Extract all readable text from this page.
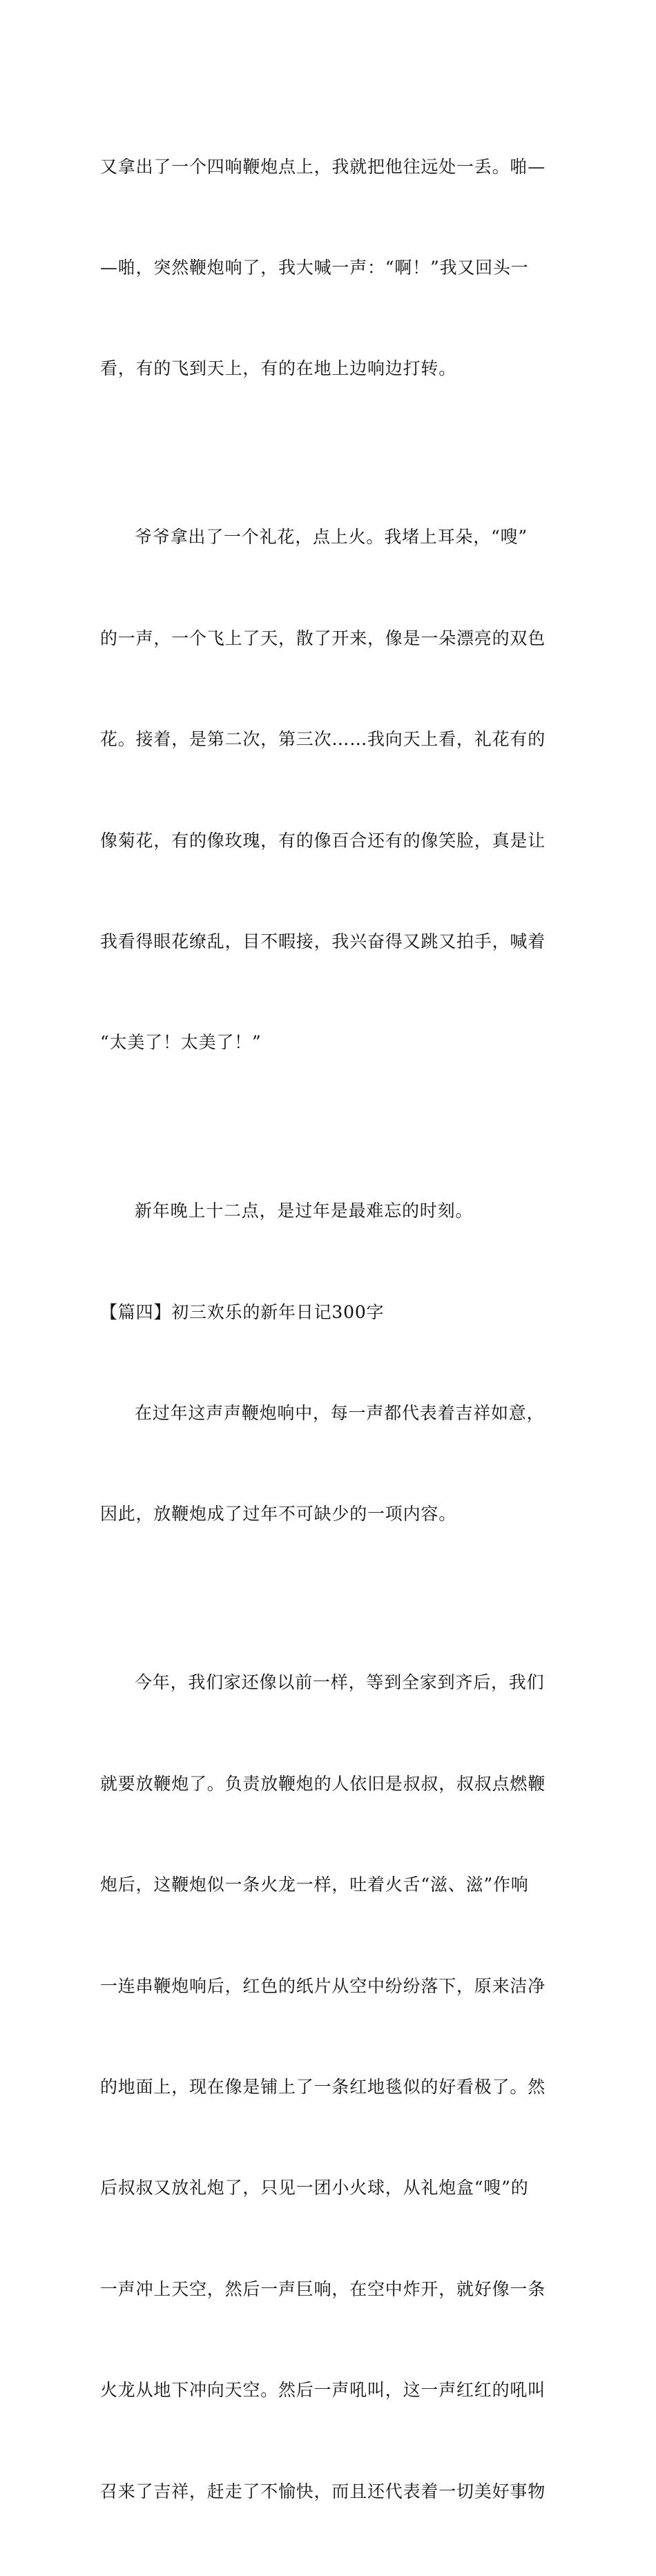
又拿出了一个四响鞭炮点上，我就把他往远处一丢。啪—

—啪，突然鞭炮响了，我大喊一声：“啊！”我又回头一

看，有的飞到天上，有的在地上边响边打转。

爷爷拿出了一个礼花，点上火。我堵上耳朵，“嗖”

的一声，一个飞上了天，散了开来，像是一朵漂亮的双色

花。接着，是第二次，第三次……我向天上看，礼花有的

像菊花，有的像玫瑰，有的像百合还有的像笑脸，真是让

我看得眼花缭乱，目不暇接，我兴奋得又跳又拍手，喊着

“太美了！太美了！”

新年晚上十二点，是过年是最难忘的时刻。

【篇四】初三欢乐的新年日记300字

在过年这声声鞭炮响中，每一声都代表着吉祥如意，

因此，放鞭炮成了过年不可缺少的一项内容。

今年，我们家还像以前一样，等到全家到齐后，我们

就要放鞭炮了。负责放鞭炮的人依旧是叔叔，叔叔点燃鞭

炮后，这鞭炮似一条火龙一样，吐着火舌“滋、滋”作响

一连串鞭炮响后，红色的纸片从空中纷纷落下，原来洁净

的地面上，现在像是铺上了一条红地毯似的好看极了。然

后叔叔又放礼炮了，只见一团小火球，从礼炮盒“嗖”的

一声冲上天空，然后一声巨响，在空中炸开，就好像一条

火龙从地下冲向天空。然后一声吼叫，这一声红红的吼叫

召来了吉祥，赶走了不愉快，而且还代表着一切美好事物
